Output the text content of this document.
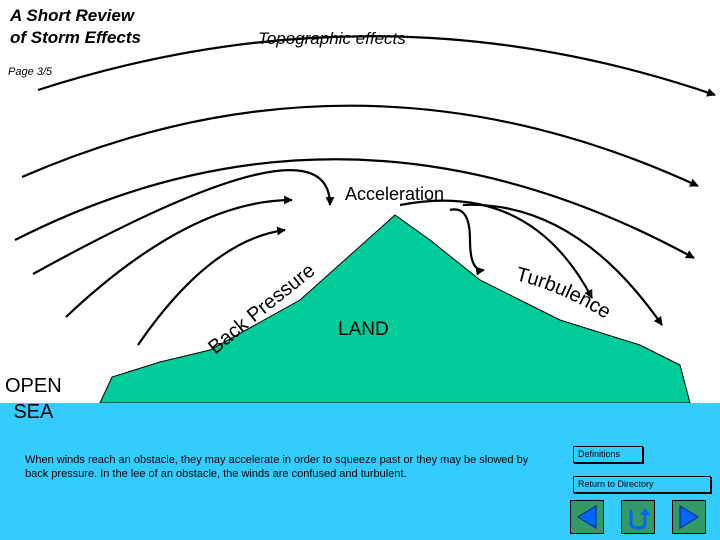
Back Pressure	Turbulence
A Short Review
of Storm Effects	Topographic effects
Page 3/5
Acceleration
LAND
OPEN
SEA
When winds reach an obstacle, they may accelerate in order to squeeze past or they may be slowed by back pressure. In the lee of an obstacle, the winds are confused and turbulent.
Definitions
Return to Directory
